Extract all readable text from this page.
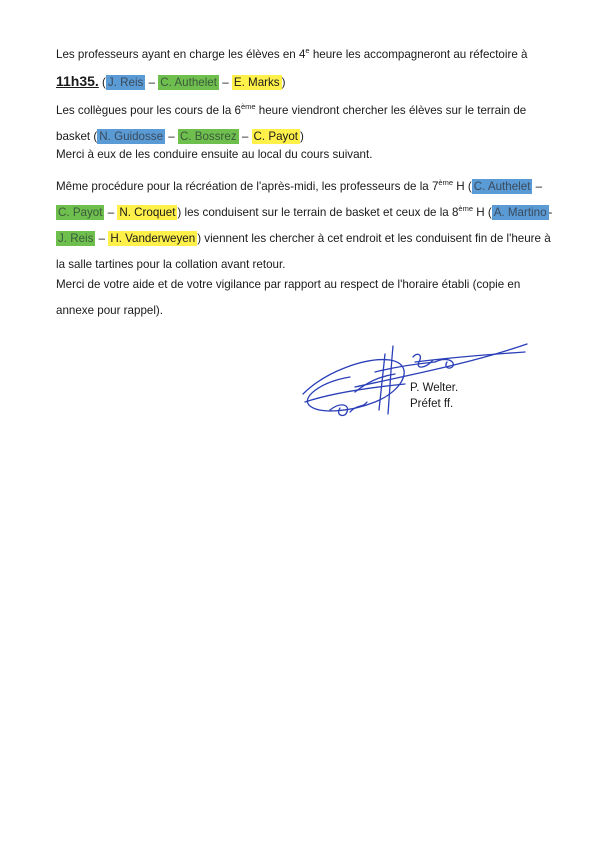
Les professeurs ayant en charge les élèves en 4e heure les accompagneront au réfectoire à 11h35. ( J. Reis – C. Authelet – E. Marks )

Les collègues pour les cours de la 6ème heure viendront chercher les élèves sur le terrain de basket ( N. Guidosse – C. Bossrez – C. Payot )

Merci à eux de les conduire ensuite au local du cours suivant.

Même procédure pour la récréation de l'après-midi, les professeurs de la 7ème H ( C. Authelet – C. Payot – N. Croquet ) les conduisent sur le terrain de basket et ceux de la 8ème H ( A. Martino - J. Reis – H. Vanderweyen ) viennent les chercher à cet endroit et les conduisent fin de l'heure à la salle tartines pour la collation avant retour.

Merci de votre aide et de votre vigilance par rapport au respect de l'horaire établi (copie en annexe pour rappel).

P. Welter.
Préfet ff.
